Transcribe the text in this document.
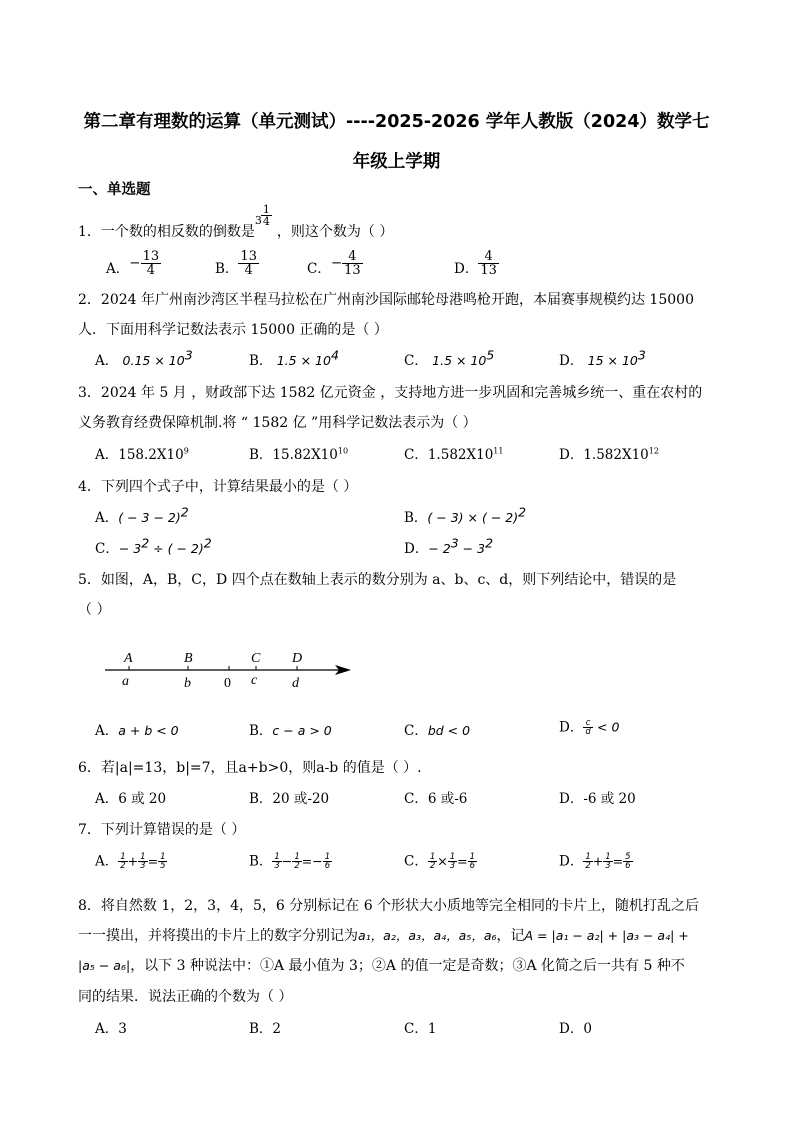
第二章有理数的运算（单元测试）----2025-2026 学年人教版（2024）数学七
年级上学期
一、单选题
1．一个数的相反数的倒数是
$3 \frac{1}{4}$
，则这个数为（ ）
A．− $\frac{13}{4}$	B． $\frac{13}{4}$	C．− $\frac{4}{13}$	D． $\frac{4}{13}$
2．2024 年广州南沙湾区半程马拉松在广州南沙国际邮轮母港鸣枪开跑，本届赛事规模约达 15000
人．下面用科学记数法表示 15000 正确的是（ ）
A． $0.15 \times 10^3$	B． $1.5 \times 10^4$	C． $1.5 \times 10^5$	D． $15 \times 10^3$
3．2024 年 5 月 ，财政部下达 1582 亿元资金 ，支持地方进一步巩固和完善城乡统一、重在农村的
义务教育经费保障机制.将 “ 1582 亿 ”用科学记数法表示为（ ）
A．$158.2X10^9$	B．$15.82X10^{10}$	C．$1.582X10^{11}$	D．$1.582X10^{12}$
4．下列四个式子中，计算结果最小的是（ ）
A．( − 3 − 2)$^2$	B．( − 3) × ( − 2)$^2$
C．− $3^2$ ÷ ( − 2)$^2$	D．− $2^3 - 3^2$
5．如图，A，B，C，D 四个点在数轴上表示的数分别为 a、b、c、d，则下列结论中，错误的是
（ ）
A	B	C D
a	b 0 c d
A．a + b < 0	B．c − a > 0	C．bd < 0	D． $\frac{c}{d} < 0$
6．若|a|=13，b|=7，且a+b>0，则a-b 的值是（ ）.
A．6 或 20	B．20 或-20	C．6 或-6	D．-6 或 20
7．下列计算错误的是（ ）
A． $\frac{1}{2} + \frac{1}{3} = \frac{1}{5}$	B． $\frac{1}{3} - \frac{1}{2} =- \frac{1}{6}$	C． $\frac{1}{2} \times \frac{1}{3} = \frac{1}{6}$	D． $\frac{1}{2} + \frac{1}{3} = \frac{5}{6}$
8．将自然数 1，2，3，4，5，6 分别标记在 6 个形状大小质地等完全相同的卡片上，随机打乱之后
一一摸出，并将摸出的卡片上的数字分别记为a₁，a₂，a₃，a₄，a₅，a₆，记A = |a₁ − a₂| + |a₃ − a₄| +
|a₅ − a₆|，以下 3 种说法中：①A 最小值为 3；②A 的值一定是奇数；③A 化简之后一共有 5 种不
同的结果．说法正确的个数为（ ）
A．3	B．2	C．1	D．0
